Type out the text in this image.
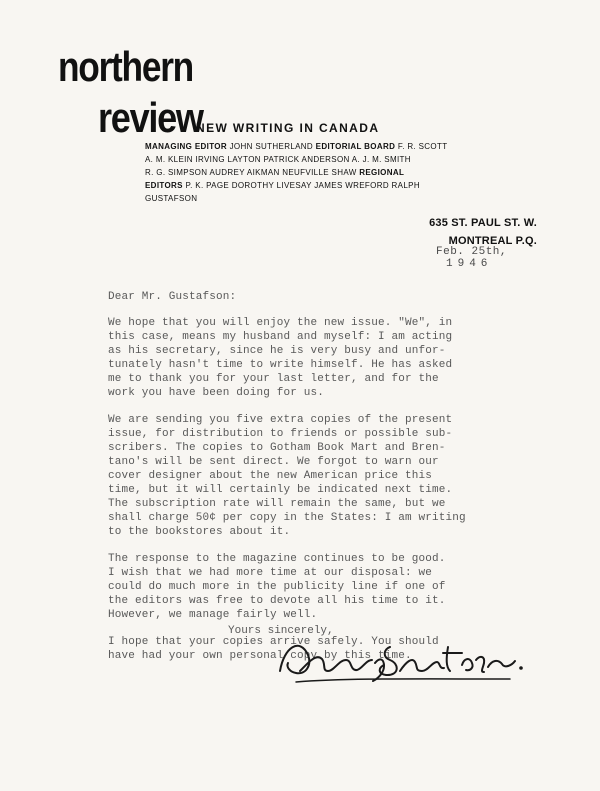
northern
review
NEW WRITING IN CANADA
MANAGING EDITOR JOHN SUTHERLAND EDITORIAL BOARD F. R. SCOTT
A. M. KLEIN IRVING LAYTON PATRICK ANDERSON A. J. M. SMITH
R. G. SIMPSON AUDREY AIKMAN NEUFVILLE SHAW REGIONAL
EDITORS P. K. PAGE DOROTHY LIVESAY JAMES WREFORD RALPH
GUSTAFSON
635 ST. PAUL ST. W.
MONTREAL P.Q.
Feb. 25th,
1946
Dear Mr. Gustafson:
We hope that you will enjoy the new issue. "We", in
this case, means my husband and myself: I am acting
as his secretary, since he is very busy and unfor-
tunately hasn't time to write himself. He has asked
me to thank you for your last letter, and for the
work you have been doing for us.
We are sending you five extra copies of the present
issue, for distribution to friends or possible sub-
scribers. The copies to Gotham Book Mart and Bren-
tano's will be sent direct. We forgot to warn our
cover designer about the new American price this
time, but it will certainly be indicated next time.
The subscription rate will remain the same, but we
shall charge 50¢ per copy in the States: I am writing
to the bookstores about it.
The response to the magazine continues to be good.
I wish that we had more time at our disposal: we
could do much more in the publicity line if one of
the editors was free to devote all his time to it.
However, we manage fairly well.
I hope that your copies arrive safely. You should
have had your own personal copy by this time.
Yours sincerely,
